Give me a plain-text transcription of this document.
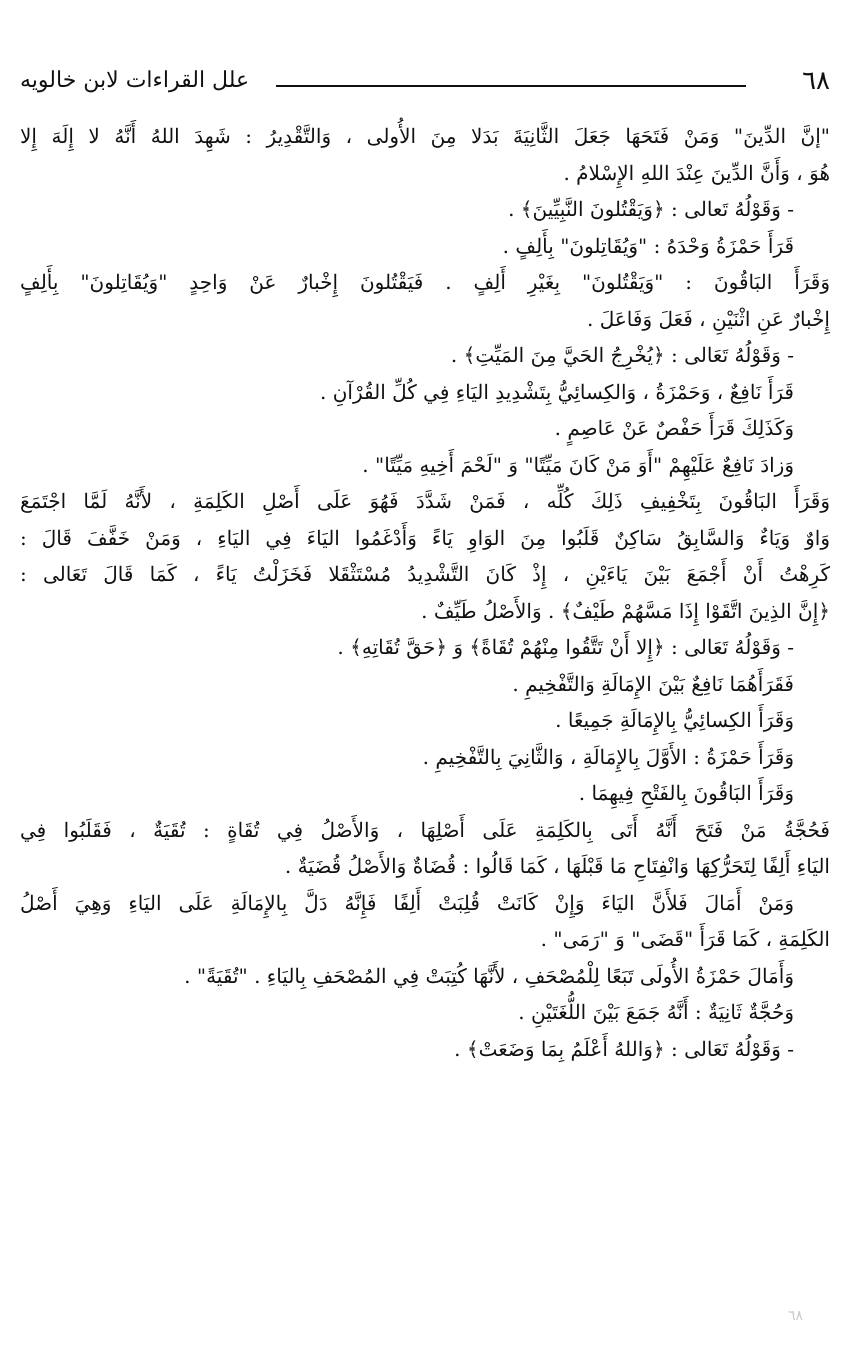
٦٨
علل القراءات لابن خالويه
"إنَّ الدِّينَ" وَمَنْ فَتَحَهَا جَعَلَ الثَّانِيَةَ بَدَلا مِنَ الأُولى ، وَالتَّقْدِيرُ : شَهِدَ اللهُ أَنَّهُ لا إِلَهَ إِلا
هُوَ ، وَأَنَّ الدِّينَ عِنْدَ اللهِ الإِسْلامُ .
- وَقَوْلُهُ تَعالى : ﴿وَيَقْتُلونَ النَّبِيِّينَ﴾ .
قَرَأَ حَمْزَةُ وَحْدَهُ : "وَيُقَاتِلونَ" بِأَلِفٍ .
وَقَرَأَ البَاقُونَ : "وَيَقْتُلونَ" بِغَيْرِ أَلِفٍ . فَيَقْتُلونَ إِخْبارٌ عَنْ وَاحِدٍ "وَيُقَاتِلونَ" بِأَلِفٍ
إِخْبارٌ عَنِ اثْنَيْنِ ، فَعَلَ وَفَاعَلَ .
- وَقَوْلُهُ تَعَالى : ﴿يُخْرِجُ الحَيَّ مِنَ المَيِّتِ﴾ .
قَرَأَ نَافِعٌ ، وَحَمْزَةُ ، وَالكِسائِيُّ بِتَشْدِيدِ اليَاءِ فِي كُلِّ القُرْآنِ .
وَكَذَلِكَ قَرَأَ حَفْصٌ عَنْ عَاصِمٍ .
وَزادَ نَافِعٌ عَلَيْهِمْ "أَوَ مَنْ كَانَ مَيِّتًا" وَ "لَحْمَ أَخِيهِ مَيِّتًا" .
وَقَرَأَ البَاقُونَ بِتَخْفِيفِ ذَلِكَ كُلِّه ، فَمَنْ شَدَّدَ فَهُوَ عَلَى أَصْلِ الكَلِمَةِ ، لأَنَّهُ لَمَّا اجْتَمَعَ
وَاوٌ وَيَاءٌ وَالسَّابِقُ سَاكِنٌ قَلَبُوا مِنَ الوَاوِ يَاءً وَأَدْغَمُوا اليَاءَ فِي اليَاءِ ، وَمَنْ خَفَّفَ قَالَ :
كَرِهْتُ أَنْ أَجْمَعَ بَيْنَ يَاءَيْنِ ، إِذْ كَانَ التَّشْدِيدُ مُسْتَثْقَلا فَخَزَلْتُ يَاءً ، كَمَا قَالَ تَعَالى :
﴿إِنَّ الذِينَ اتَّقَوْا إِذَا مَسَّهُمْ طَيْفٌ﴾ . وَالأَصْلُ طَيِّفٌ .
- وَقَوْلُهُ تَعَالى : ﴿إِلا أَنْ تَتَّقُوا مِنْهُمْ تُقَاةً﴾ وَ ﴿حَقَّ تُقَاتِهِ﴾ .
فَقَرَأَهُمَا نَافِعٌ بَيْنَ الإِمَالَةِ وَالتَّفْخِيمِ .
وَقَرَأَ الكِسائِيُّ بِالإِمَالَةِ جَمِيعًا .
وَقَرَأَ حَمْزَةُ : الأَوَّلَ بِالإِمَالَةِ ، وَالثَّانِيَ بِالتَّفْخِيمِ .
وَقَرَأَ البَاقُونَ بِالفَتْحِ فِيهِمَا .
فَحُجَّةُ مَنْ فَتَحَ أَنَّهُ أَتَى بِالكَلِمَةِ عَلَى أَصْلِهَا ، وَالأَصْلُ فِي تُقَاةٍ : تُقَيَةٌ ، فَقَلَبُوا فِي
اليَاءِ أَلِفًا لِتَحَرُّكِهَا وَانْفِتَاحِ مَا قَبْلَهَا ، كَمَا قَالُوا : قُضَاةٌ وَالأَصْلُ قُضَيَةٌ .
وَمَنْ أَمَالَ فَلأَنَّ اليَاءَ وَإِنْ كَانَتْ قُلِبَتْ أَلِفًا فَإِنَّهُ دَلَّ بِالإِمَالَةِ عَلَى اليَاءِ وَهِيَ أَصْلُ
الكَلِمَةِ ، كَمَا قَرَأَ "قَضَى" وَ "رَمَى" .
وَأَمَالَ حَمْزَةُ الأُولَى تَبَعًا لِلْمُصْحَفِ ، لأَنَّهَا كُتِبَتْ فِي المُصْحَفِ بِاليَاءِ . "تُقَيَةً" .
وَحُجَّةٌ ثَانِيَةٌ : أَنَّهُ جَمَعَ بَيْنَ اللُّغَتَيْنِ .
- وَقَوْلُهُ تَعَالى : ﴿وَاللهُ أَعْلَمُ بِمَا وَضَعَتْ﴾ .
٦٨
